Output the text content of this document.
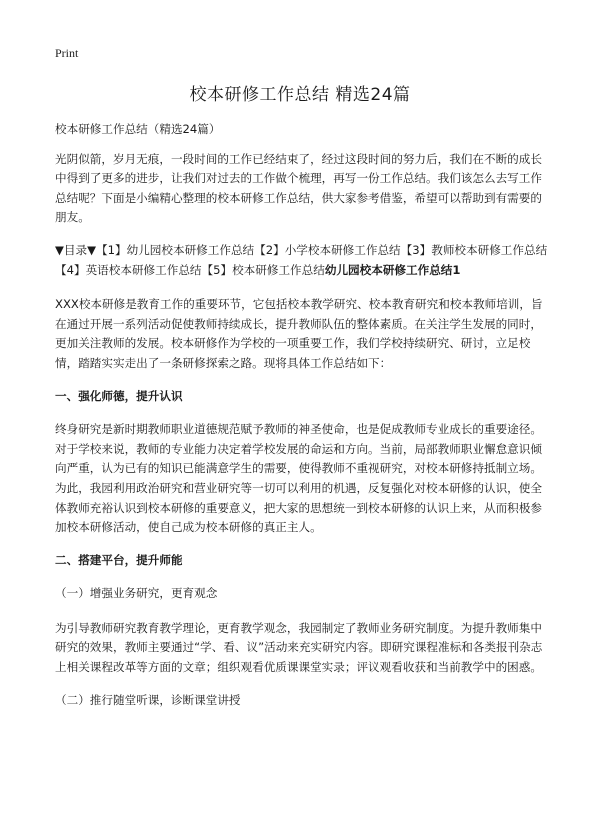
Print
校本研修工作总结 精选24篇

校本研修工作总结（精选24篇）

光阴似箭，岁月无痕，一段时间的工作已经结束了，经过这段时间的努力后，我们在不断的成长中得到了更多的进步，让我们对过去的工作做个梳理，再写一份工作总结。我们该怎么去写工作总结呢？下面是小编精心整理的校本研修工作总结，供大家参考借鉴，希望可以帮助到有需要的朋友。

▼目录▼【1】幼儿园校本研修工作总结【2】小学校本研修工作总结【3】教师校本研修工作总结【4】英语校本研修工作总结【5】校本研修工作总结幼儿园校本研修工作总结1

XXX校本研修是教育工作的重要环节，它包括校本教学研究、校本教育研究和校本教师培训，旨在通过开展一系列活动促使教师持续成长，提升教师队伍的整体素质。在关注学生发展的同时，更加关注教师的发展。校本研修作为学校的一项重要工作，我们学校持续研究、研讨，立足校情，踏踏实实走出了一条研修探索之路。现将具体工作总结如下：

一、强化师德，提升认识

终身研究是新时期教师职业道德规范赋予教师的神圣使命，也是促成教师专业成长的重要途径。对于学校来说，教师的专业能力决定着学校发展的命运和方向。当前，局部教师职业懈怠意识倾向严重，认为已有的知识已能满意学生的需要，使得教师不重视研究，对校本研修持抵制立场。为此，我园利用政治研究和营业研究等一切可以利用的机遇，反复强化对校本研修的认识，使全体教师充裕认识到校本研修的重要意义，把大家的思想统一到校本研修的认识上来，从而积极参加校本研修活动，使自己成为校本研修的真正主人。

二、搭建平台，提升师能

（一）增强业务研究，更育观念

为引导教师研究教育教学理论，更育教学观念，我园制定了教师业务研究制度。为提升教师集中研究的效果，教师主要通过“学、看、议”活动来充实研究内容。即研究课程准标和各类报刊杂志上相关课程改革等方面的文章；组织观看优质课课堂实录；评议观看收获和当前教学中的困惑。

（二）推行随堂听课，诊断课堂讲授
